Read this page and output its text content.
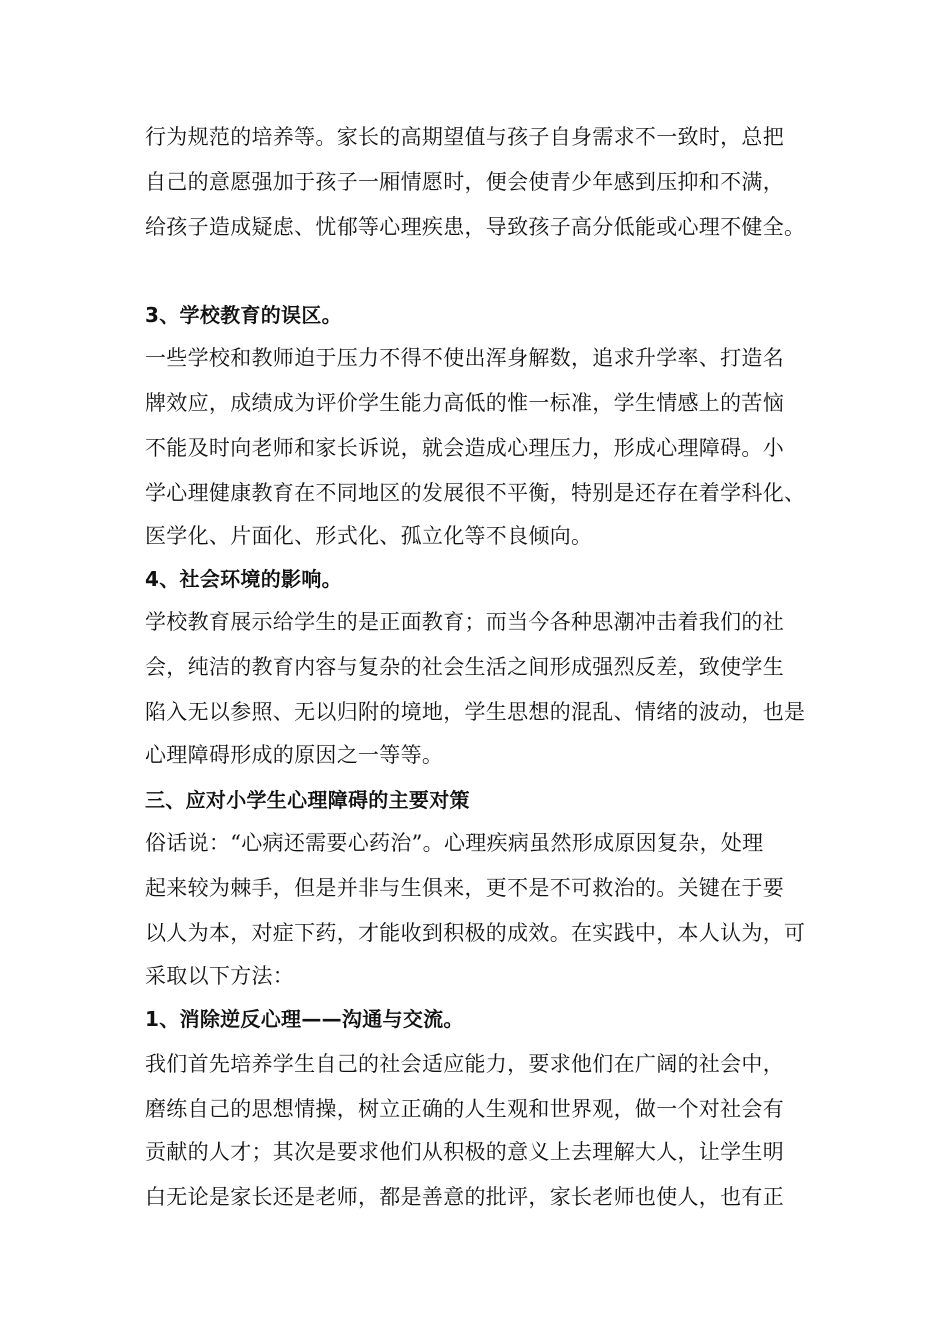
行为规范的培养等。家长的高期望值与孩子自身需求不一致时，总把
自己的意愿强加于孩子一厢情愿时，便会使青少年感到压抑和不满，
给孩子造成疑虑、忧郁等心理疾患，导致孩子高分低能或心理不健全。
3、学校教育的误区。
一些学校和教师迫于压力不得不使出浑身解数，追求升学率、打造名
牌效应，成绩成为评价学生能力高低的惟一标准，学生情感上的苦恼
不能及时向老师和家长诉说，就会造成心理压力，形成心理障碍。小
学心理健康教育在不同地区的发展很不平衡，特别是还存在着学科化、
医学化、片面化、形式化、孤立化等不良倾向。
4、社会环境的影响。
学校教育展示给学生的是正面教育；而当今各种思潮冲击着我们的社
会，纯洁的教育内容与复杂的社会生活之间形成强烈反差，致使学生
陷入无以参照、无以归附的境地，学生思想的混乱、情绪的波动，也是
心理障碍形成的原因之一等等。
三、应对小学生心理障碍的主要对策
俗话说：“心病还需要心药治”。心理疾病虽然形成原因复杂，处理
起来较为棘手，但是并非与生俱来，更不是不可救治的。关键在于要
以人为本，对症下药，才能收到积极的成效。在实践中，本人认为，可
采取以下方法：
1、消除逆反心理——沟通与交流。
我们首先培养学生自己的社会适应能力，要求他们在广阔的社会中，
磨练自己的思想情操，树立正确的人生观和世界观，做一个对社会有
贡献的人才；其次是要求他们从积极的意义上去理解大人，让学生明
白无论是家长还是老师，都是善意的批评，家长老师也使人，也有正
